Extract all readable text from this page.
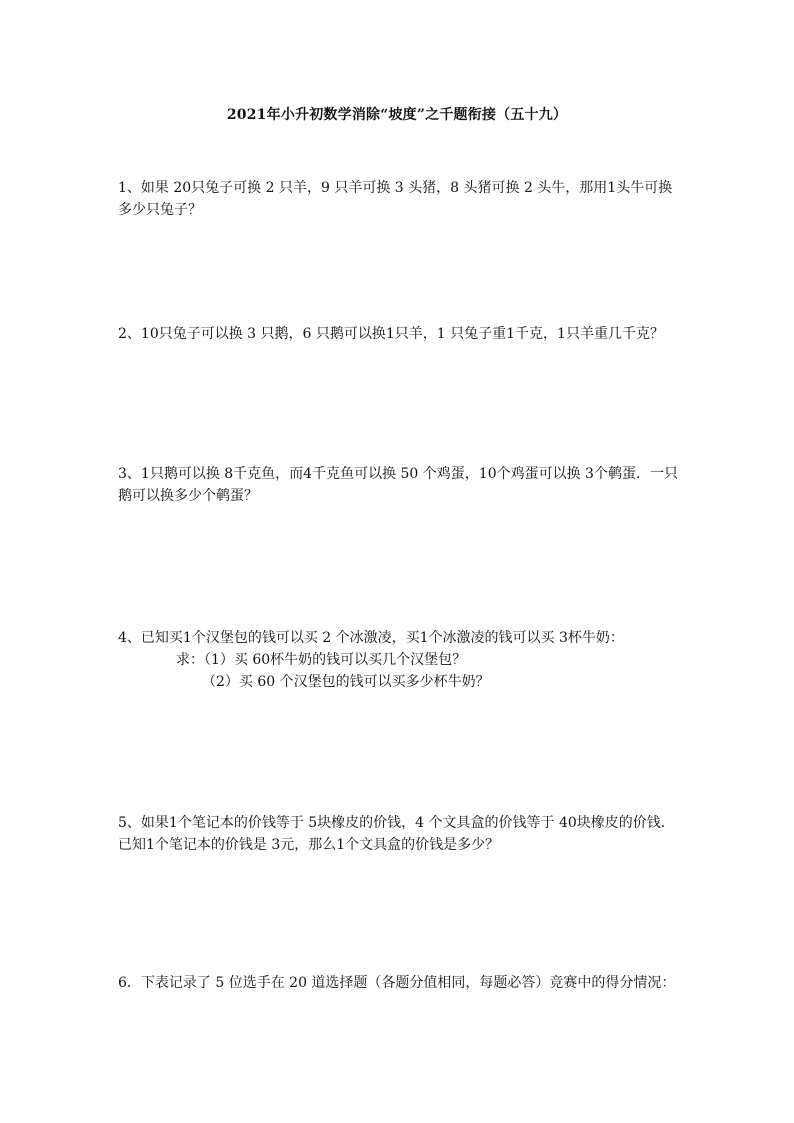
2021年小升初数学消除“坡度”之千题衔接（五十九）

1、如果 20只兔子可换 2 只羊，9 只羊可换 3 头猪，8 头猪可换 2 头牛，那用1头牛可换多少只兔子？

2、10只兔子可以换 3 只鹅，6 只鹅可以换1只羊，1 只兔子重1千克，1只羊重几千克？

3、1只鹅可以换 8千克鱼，而4千克鱼可以换 50 个鸡蛋，10个鸡蛋可以换 3个鹌蛋．一只鹅可以换多少个鹌蛋？

4、已知买1个汉堡包的钱可以买 2 个冰激凌，买1个冰激凌的钱可以买 3杯牛奶：

求：（1）买 60杯牛奶的钱可以买几个汉堡包？

（2）买 60 个汉堡包的钱可以买多少杯牛奶？

5、如果1个笔记本的价钱等于 5块橡皮的价钱，4 个文具盒的价钱等于 40块橡皮的价钱．已知1个笔记本的价钱是 3元，那么1个文具盒的价钱是多少？

6．下表记录了 5 位选手在 20 道选择题（各题分值相同，每题必答）竞赛中的得分情况：
